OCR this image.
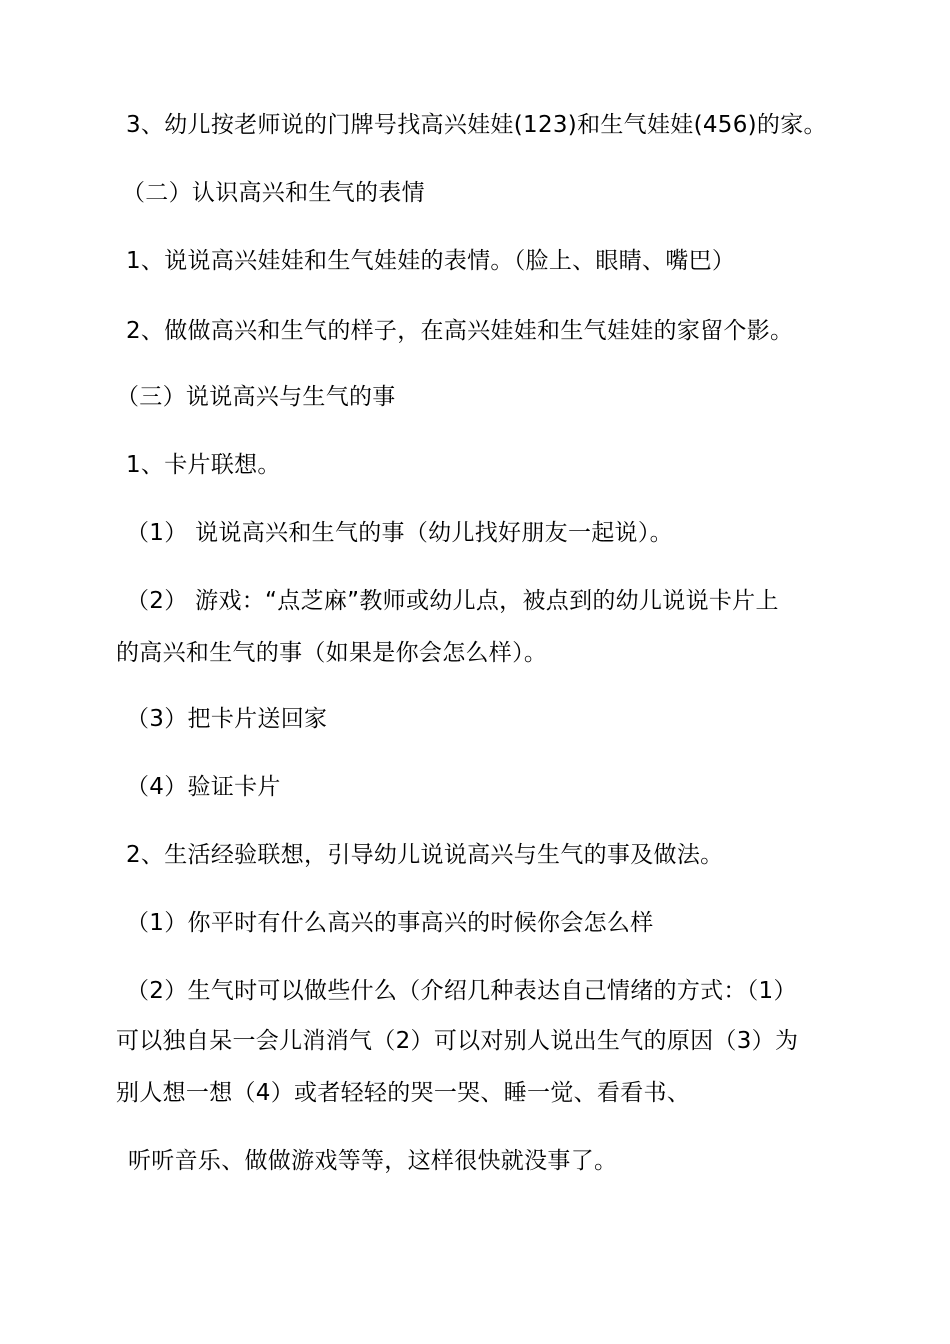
3、幼儿按老师说的门牌号找高兴娃娃(123)和生气娃娃(456)的家。
（二）认识高兴和生气的表情
1、说说高兴娃娃和生气娃娃的表情。（脸上、眼睛、嘴巴）
2、做做高兴和生气的样子，在高兴娃娃和生气娃娃的家留个影。
（三）说说高兴与生气的事
1、卡片联想。
（1） 说说高兴和生气的事（幼儿找好朋友一起说）。
（2） 游戏：“点芝麻”教师或幼儿点，被点到的幼儿说说卡片上
的高兴和生气的事（如果是你会怎么样）。
（3）把卡片送回家
（4）验证卡片
2、生活经验联想，引导幼儿说说高兴与生气的事及做法。
（1）你平时有什么高兴的事高兴的时候你会怎么样
（2）生气时可以做些什么（介绍几种表达自己情绪的方式：（1）
可以独自呆一会儿消消气（2）可以对别人说出生气的原因（3）为
别人想一想（4）或者轻轻的哭一哭、睡一觉、看看书、
听听音乐、做做游戏等等，这样很快就没事了。
